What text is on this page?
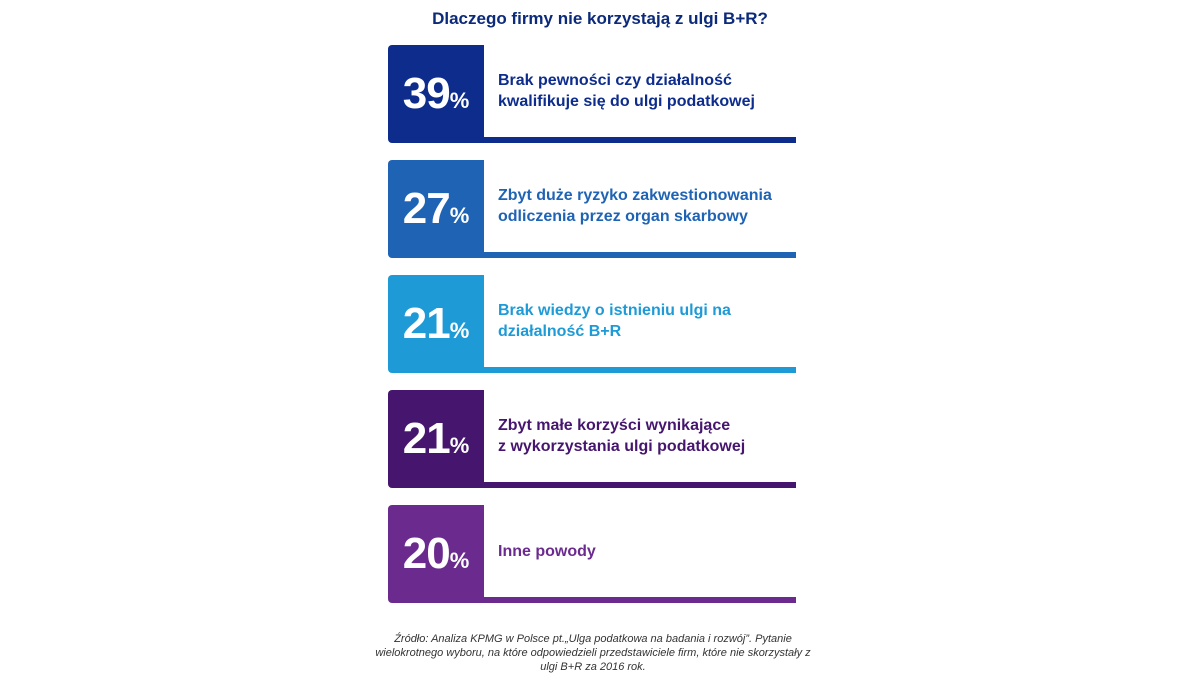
Dlaczego firmy nie korzystają z ulgi B+R?
39%
Brak pewności czy działalność
kwalifikuje się do ulgi podatkowej
27%
Zbyt duże ryzyko zakwestionowania
odliczenia przez organ skarbowy
21%
Brak wiedzy o istnieniu ulgi na
działalność B+R
21%
Zbyt małe korzyści wynikające
z wykorzystania ulgi podatkowej
20%	Inne powody
Źródło: Analiza KPMG w Polsce pt.„Ulga podatkowa na badania i rozwój”. Pytanie wielokrotnego wyboru, na które odpowiedzieli przedstawiciele firm, które nie skorzystały z ulgi B+R za 2016 rok.
